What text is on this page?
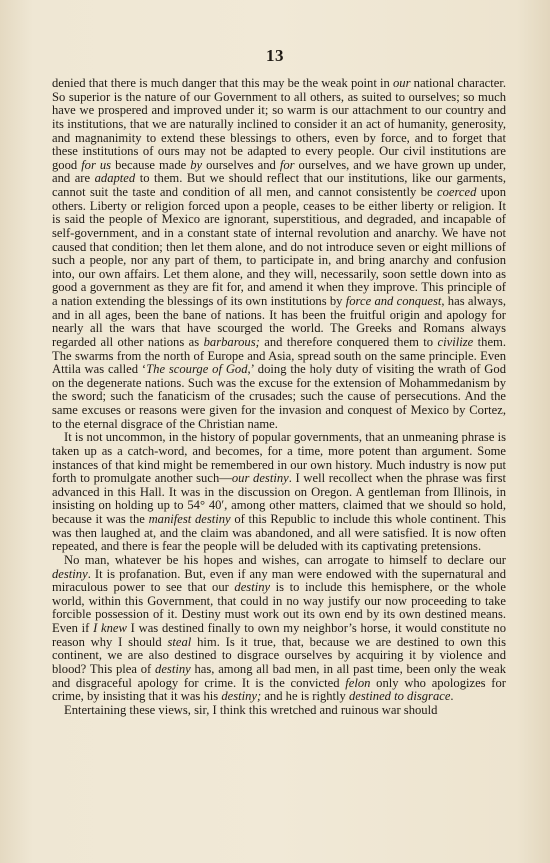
13

denied that there is much danger that this may be the weak point in our national character. So superior is the nature of our Government to all others, as suited to ourselves; so much have we prospered and improved under it; so warm is our attachment to our country and its institutions, that we are naturally inclined to consider it an act of humanity, generosity, and magnanimity to extend these blessings to others, even by force, and to forget that these institutions of ours may not be adapted to every people. Our civil institutions are good for us because made by ourselves and for ourselves, and we have grown up under, and are adapted to them. But we should reflect that our institutions, like our garments, cannot suit the taste and condition of all men, and cannot consistently be coerced upon others. Liberty or religion forced upon a people, ceases to be either liberty or religion. It is said the people of Mexico are ignorant, superstitious, and degraded, and incapable of self-government, and in a constant state of internal revolution and anarchy. We have not caused that condition; then let them alone, and do not introduce seven or eight millions of such a people, nor any part of them, to participate in, and bring anarchy and confusion into, our own affairs. Let them alone, and they will, necessarily, soon settle down into as good a government as they are fit for, and amend it when they improve. This principle of a nation extending the blessings of its own institutions by force and conquest, has always, and in all ages, been the bane of nations. It has been the fruitful origin and apology for nearly all the wars that have scourged the world. The Greeks and Romans always regarded all other nations as barbarous; and therefore conquered them to civilize them. The swarms from the north of Europe and Asia, spread south on the same principle. Even Attila was called ‘The scourge of God,’ doing the holy duty of visiting the wrath of God on the degenerate nations. Such was the excuse for the extension of Mohammedanism by the sword; such the fanaticism of the crusades; such the cause of persecutions. And the same excuses or reasons were given for the invasion and conquest of Mexico by Cortez, to the eternal disgrace of the Christian name.

It is not uncommon, in the history of popular governments, that an unmeaning phrase is taken up as a catch-word, and becomes, for a time, more potent than argument. Some instances of that kind might be remembered in our own history. Much industry is now put forth to promulgate another such—our destiny. I well recollect when the phrase was first advanced in this Hall. It was in the discussion on Oregon. A gentleman from Illinois, in insisting on holding up to 54° 40′, among other matters, claimed that we should so hold, because it was the manifest destiny of this Republic to include this whole continent. This was then laughed at, and the claim was abandoned, and all were satisfied. It is now often repeated, and there is fear the people will be deluded with its captivating pretensions.

No man, whatever be his hopes and wishes, can arrogate to himself to declare our destiny. It is profanation. But, even if any man were endowed with the supernatural and miraculous power to see that our destiny is to include this hemisphere, or the whole world, within this Government, that could in no way justify our now proceeding to take forcible possession of it. Destiny must work out its own end by its own destined means. Even if I knew I was destined finally to own my neighbor’s horse, it would constitute no reason why I should steal him. Is it true, that, because we are destined to own this continent, we are also destined to disgrace ourselves by acquiring it by violence and blood? This plea of destiny has, among all bad men, in all past time, been only the weak and disgraceful apology for crime. It is the convicted felon only who apologizes for crime, by insisting that it was his destiny; and he is rightly destined to disgrace.

Entertaining these views, sir, I think this wretched and ruinous war should
